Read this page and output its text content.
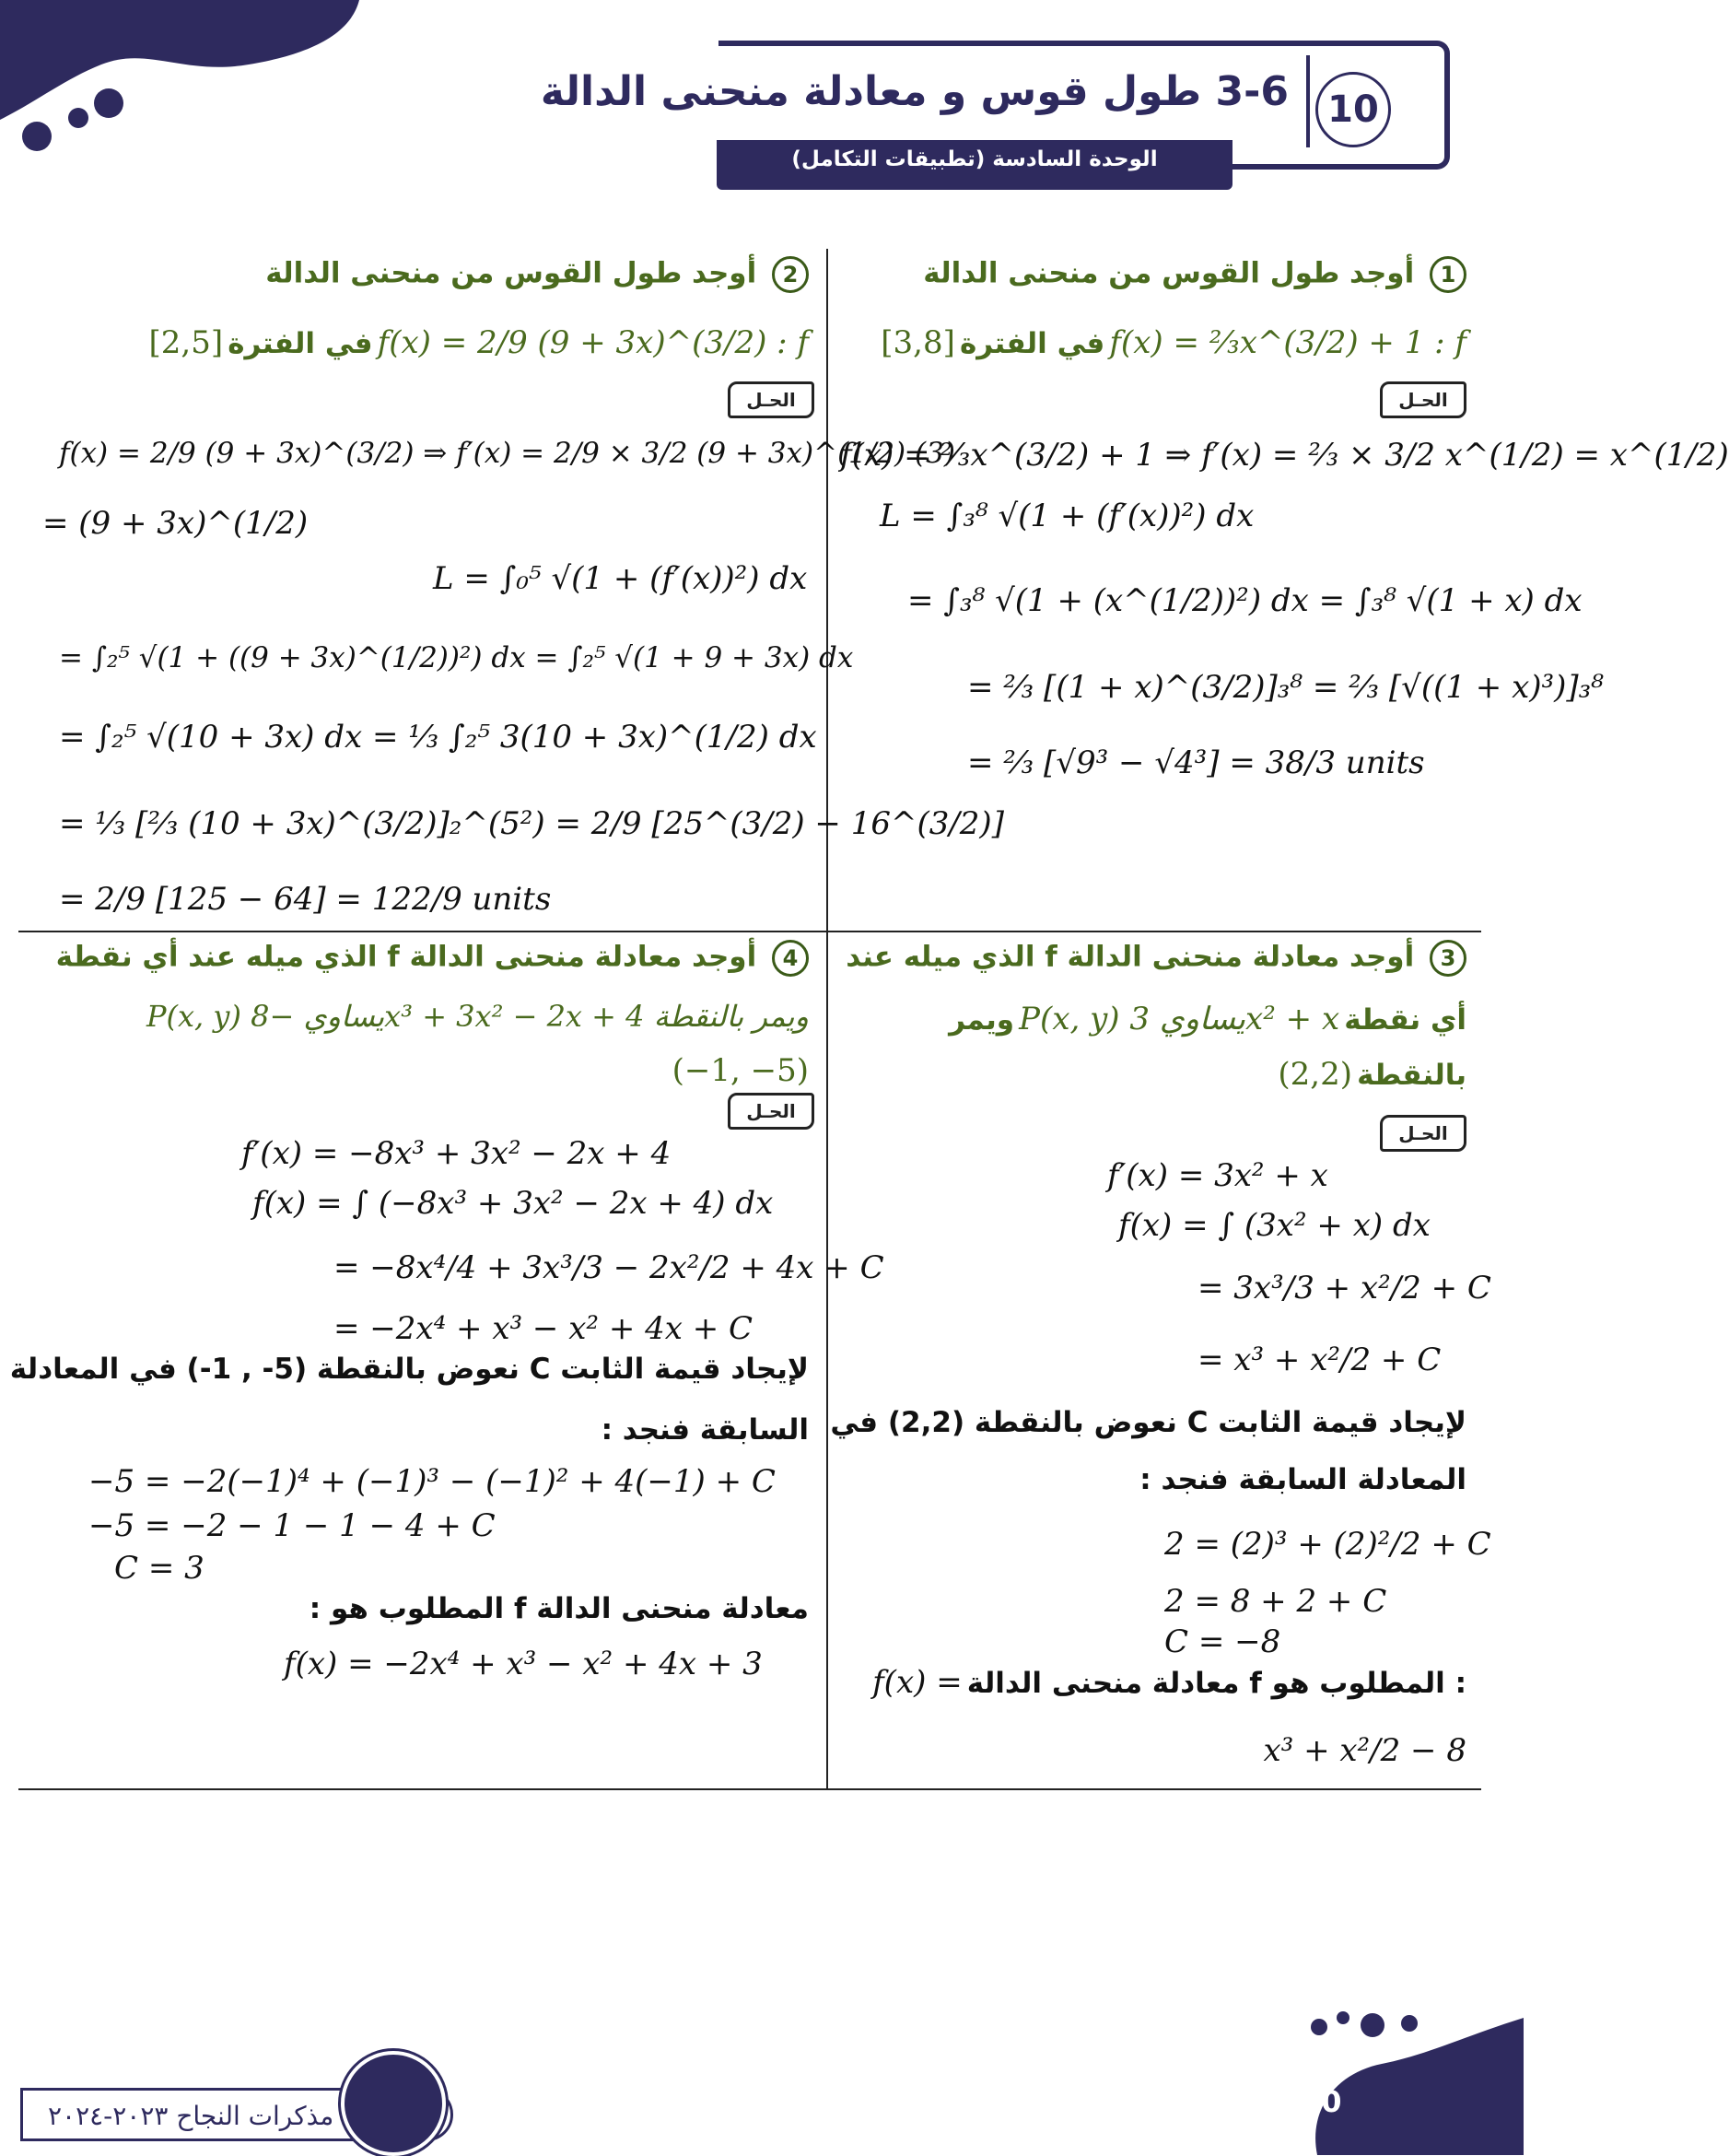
10
3-6 طول قوس و معادلة منحنى الدالة
الوحدة السادسة (تطبيقات التكامل)
1 أوجد طول القوس من منحنى الدالة
[3,8] في الفترة f(x) = ⅔x^(3/2) + 1 : f
الحـل
f(x) = ⅔x^(3/2) + 1 ⇒ f′(x) = ⅔ × 3/2 x^(1/2) = x^(1/2)
L = ∫₃⁸ √(1 + (f′(x))²) dx
= ∫₃⁸ √(1 + (x^(1/2))²) dx = ∫₃⁸ √(1 + x) dx
= ⅔ [(1 + x)^(3/2)]₃⁸ = ⅔ [√((1 + x)³)]₃⁸
= ⅔ [√9³ − √4³] = 38/3 units
2 أوجد طول القوس من منحنى الدالة
[2,5] في الفترة f(x) = 2/9 (9 + 3x)^(3/2) : f
الحـل
f(x) = 2/9 (9 + 3x)^(3/2) ⇒ f′(x) = 2/9 × 3/2 (9 + 3x)^(1/2) (3)
= (9 + 3x)^(1/2)
L = ∫₀⁵ √(1 + (f′(x))²) dx
= ∫₂⁵ √(1 + ((9 + 3x)^(1/2))²) dx = ∫₂⁵ √(1 + 9 + 3x) dx
= ∫₂⁵ √(10 + 3x) dx = ⅓ ∫₂⁵ 3(10 + 3x)^(1/2) dx
= ⅓ [⅔ (10 + 3x)^(3/2)]₂^(5²) = 2/9 [25^(3/2) − 16^(3/2)]
= 2/9 [125 − 64] = 122/9 units
3 أوجد معادلة منحنى الدالة f الذي ميله عند
ويمر P(x, y) يساوي 3x² + x أي نقطة
(2,2) بالنقطة
الحـل
f′(x) = 3x² + x
f(x) = ∫ (3x² + x) dx
= 3x³/3 + x²/2 + C
= x³ + x²/2 + C
لإيجاد قيمة الثابت C نعوض بالنقطة (2,2) في
المعادلة السابقة فنجد :
2 = (2)³ + (2)²/2 + C
2 = 8 + 2 + C
C = −8
f(x) = معادلة منحنى الدالة f المطلوب هو :
x³ + x²/2 − 8
4 أوجد معادلة منحنى الدالة f الذي ميله عند أي نقطة
P(x, y) يساوي −8x³ + 3x² − 2x + 4 ويمر بالنقطة
(−1, −5)
الحـل
f′(x) = −8x³ + 3x² − 2x + 4
f(x) = ∫ (−8x³ + 3x² − 2x + 4) dx
= −8x⁴/4 + 3x³/3 − 2x²/2 + 4x + C
= −2x⁴ + x³ − x² + 4x + C
لإيجاد قيمة الثابت C نعوض بالنقطة (5- , 1-) في المعادلة
السابقة فنجد :
−5 = −2(−1)⁴ + (−1)³ − (−1)² + 4(−1) + C
−5 = −2 − 1 − 1 − 4 + C
C = 3
معادلة منحنى الدالة f المطلوب هو :
f(x) = −2x⁴ + x³ − x² + 4x + 3
مذكرات النجاح ٢٠٢٣-٢٠٢٤	30
